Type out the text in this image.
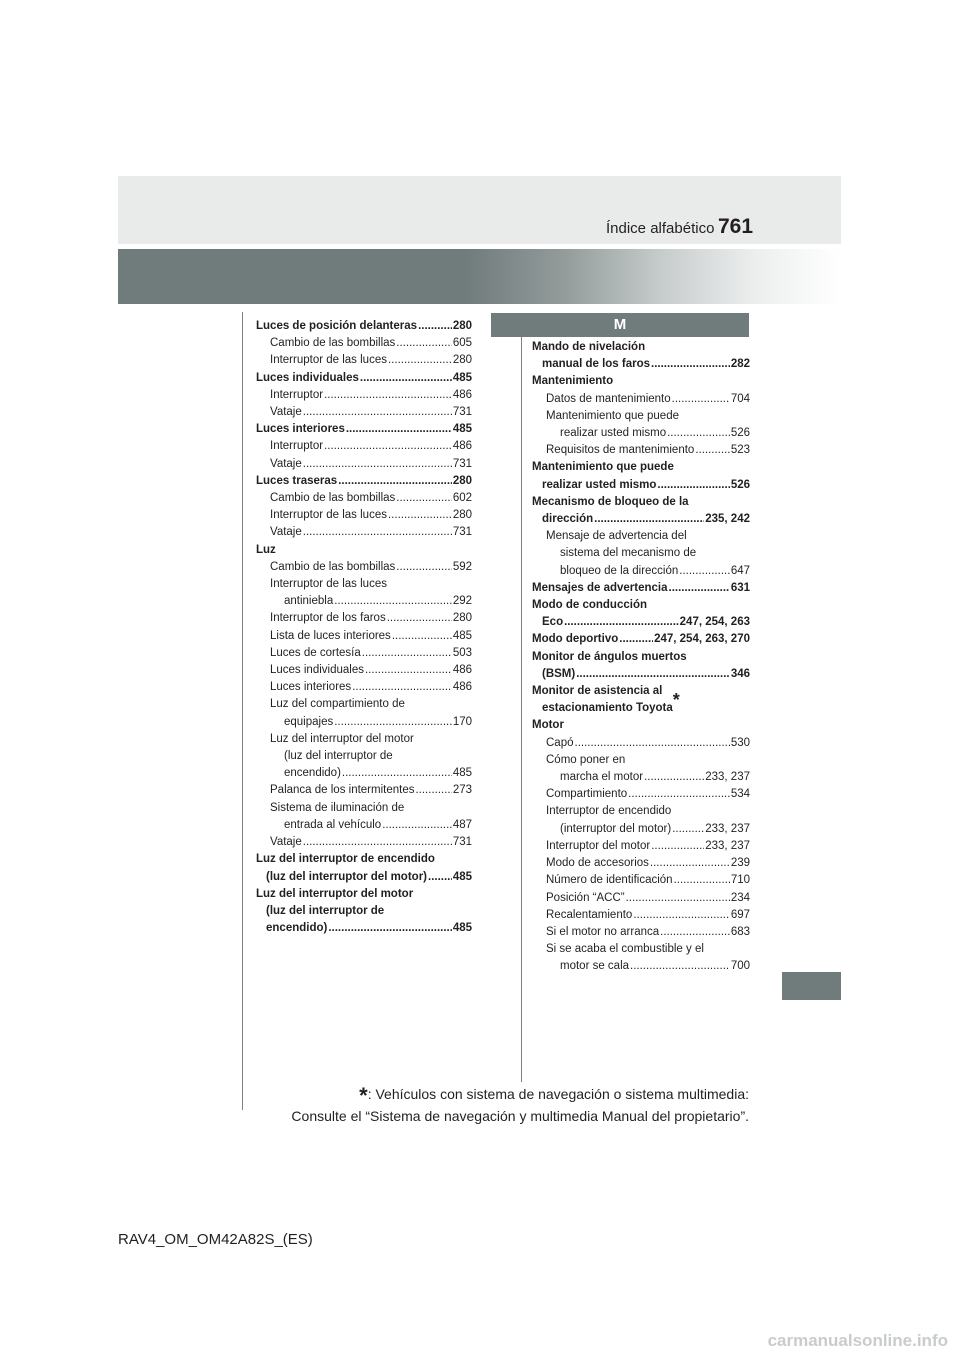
Índice alfabético 761
Luces de posición delanteras .....	280
Cambio de las bombillas .....	605
Interruptor de las luces .....	280
Luces individuales .....	485
Interruptor .....	486
Vataje .....	731
Luces interiores .....	485
Interruptor .....	486
Vataje .....	731
Luces traseras .....	280
Cambio de las bombillas .....	602
Interruptor de las luces .....	280
Vataje .....	731
Luz
Cambio de las bombillas .....	592
Interruptor de las luces
antiniebla .....	292
Interruptor de los faros .....	280
Lista de luces interiores .....	485
Luces de cortesía .....	503
Luces individuales .....	486
Luces interiores .....	486
Luz del compartimiento de
equipajes .....	170
Luz del interruptor del motor
(luz del interruptor de
encendido) .....	485
Palanca de los intermitentes .....	273
Sistema de iluminación de
entrada al vehículo .....	487
Vataje .....	731
Luz del interruptor de encendido
(luz del interruptor del motor) ..... 485
Luz del interruptor del motor
(luz del interruptor de
encendido) .....	485
M
Mando de nivelación
manual de los faros .....	282
Mantenimiento
Datos de mantenimiento .....	704
Mantenimiento que puede
realizar usted mismo .....	526
Requisitos de mantenimiento .....	523
Mantenimiento que puede
realizar usted mismo .....	526
Mecanismo de bloqueo de la
dirección .....	235, 242
Mensaje de advertencia del
sistema del mecanismo de
bloqueo de la dirección .....	647
Mensajes de advertencia .....	631
Modo de conducción
Eco .....	247, 254, 263
Modo deportivo .....	247, 254, 263, 270
Monitor de ángulos muertos
(BSM) .....	346
Monitor de asistencia al
estacionamiento Toyota *
Motor
Capó .....	530
Cómo poner en
marcha el motor .....	233, 237
Compartimiento .....	534
Interruptor de encendido
(interruptor del motor) .....	233, 237
Interruptor del motor .....	233, 237
Modo de accesorios .....	239
Número de identificación .....	710
Posición “ACC” .....	234
Recalentamiento .....	697
Si el motor no arranca .....	683
Si se acaba el combustible y el
motor se cala .....	700
*: Vehículos con sistema de navegación o sistema multimedia:
Consulte el “Sistema de navegación y multimedia Manual del propietario”.
RAV4_OM_OM42A82S_(ES)
carmanualsonline.info
